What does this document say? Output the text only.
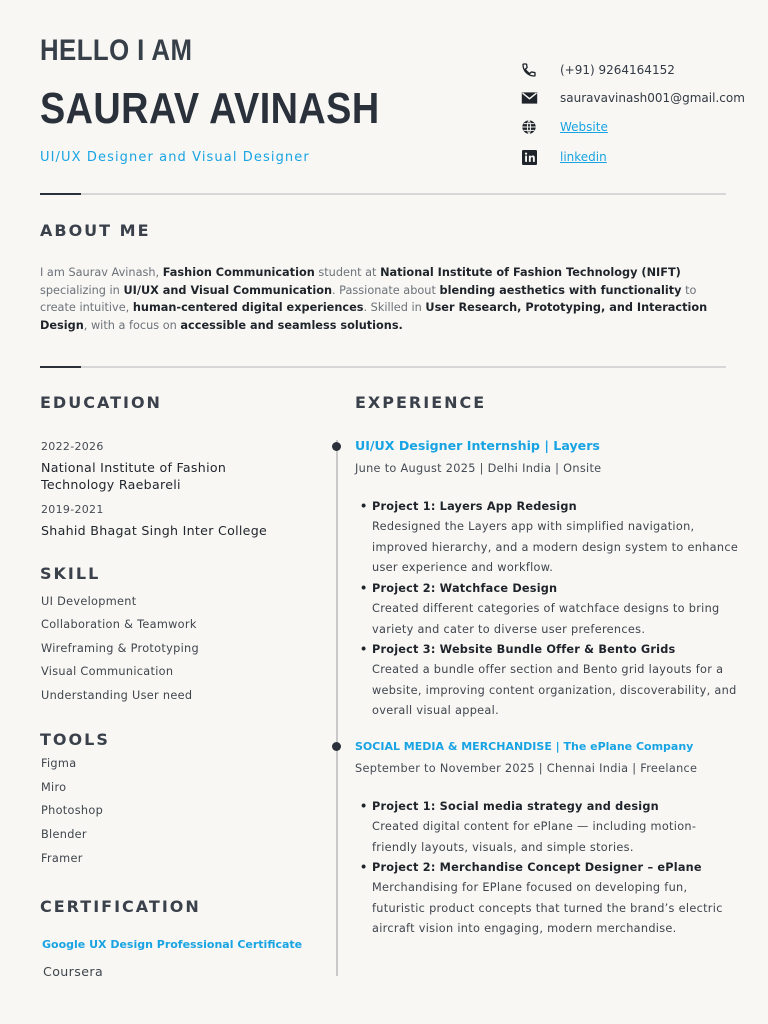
HELLO I AM
SAURAV AVINASH
UI/UX Designer and Visual Designer
(+91) 9264164152
sauravavinash001@gmail.com
Website
linkedin
ABOUT ME
I am Saurav Avinash, Fashion Communication student at National Institute of Fashion Technology (NIFT) specializing in UI/UX and Visual Communication. Passionate about blending aesthetics with functionality to create intuitive, human-centered digital experiences. Skilled in User Research, Prototyping, and Interaction Design, with a focus on accessible and seamless solutions.
EDUCATION
2022-2026
National Institute of Fashion Technology Raebareli
2019-2021
Shahid Bhagat Singh Inter College
SKILL
UI Development
Collaboration & Teamwork
Wireframing & Prototyping
Visual Communication
Understanding User need
TOOLS
Figma
Miro
Photoshop
Blender
Framer
CERTIFICATION
Google UX Design Professional Certificate
Coursera
EXPERIENCE
UI/UX Designer Internship | Layers
June to August 2025 | Delhi India | Onsite
• Project 1: Layers App Redesign
Redesigned the Layers app with simplified navigation, improved hierarchy, and a modern design system to enhance user experience and workflow.
• Project 2: Watchface Design
Created different categories of watchface designs to bring variety and cater to diverse user preferences.
• Project 3: Website Bundle Offer & Bento Grids
Created a bundle offer section and Bento grid layouts for a website, improving content organization, discoverability, and overall visual appeal.
SOCIAL MEDIA & MERCHANDISE | The ePlane Company
September to November 2025 | Chennai India | Freelance
• Project 1: Social media strategy and design
Created digital content for ePlane — including motion-friendly layouts, visuals, and simple stories.
• Project 2: Merchandise Concept Designer – ePlane
Merchandising for EPlane focused on developing fun, futuristic product concepts that turned the brand’s electric aircraft vision into engaging, modern merchandise.
